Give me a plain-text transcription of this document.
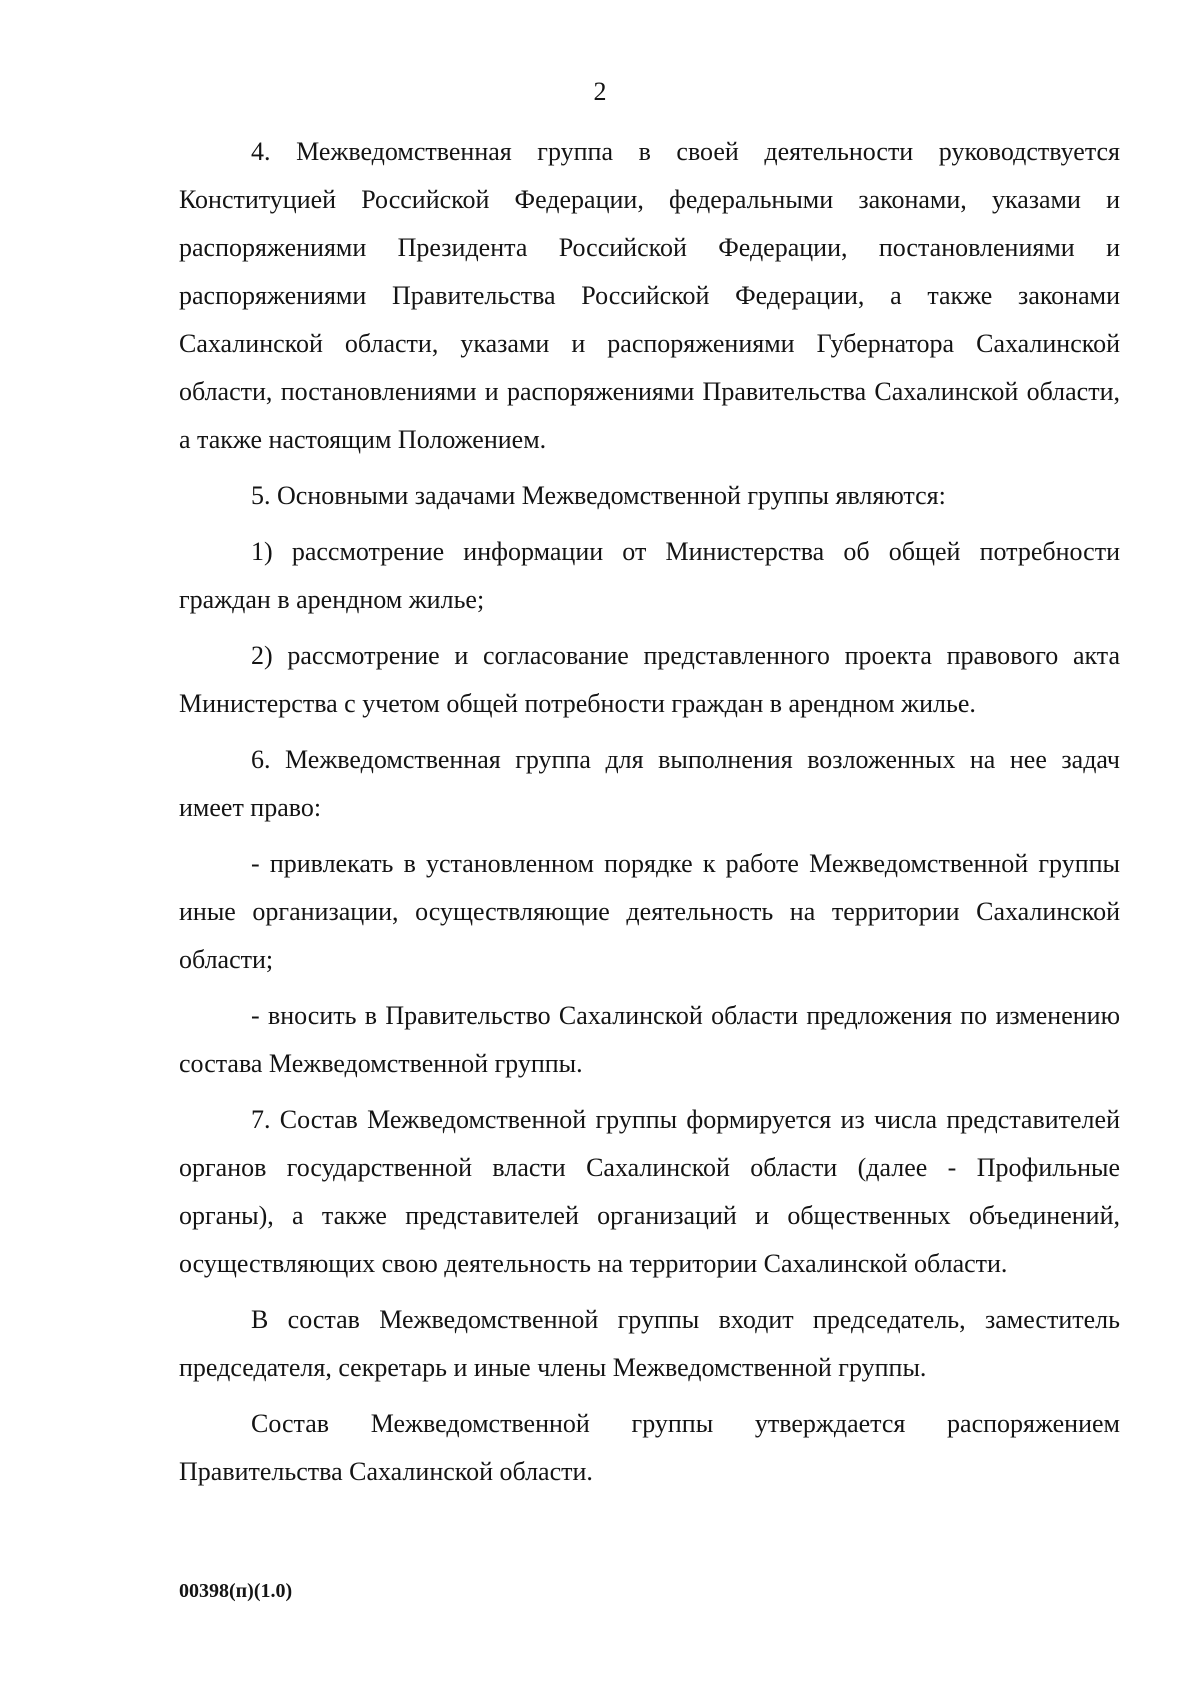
2

4. Межведомственная группа в своей деятельности руководствуется Конституцией Российской Федерации, федеральными законами, указами и распоряжениями Президента Российской Федерации, постановлениями и распоряжениями Правительства Российской Федерации, а также законами Сахалинской области, указами и распоряжениями Губернатора Сахалинской области, постановлениями и распоряжениями Правительства Сахалинской области, а также настоящим Положением.

5. Основными задачами Межведомственной группы являются:

1) рассмотрение информации от Министерства об общей потребности граждан в арендном жилье;

2) рассмотрение и согласование представленного проекта правового акта Министерства с учетом общей потребности граждан в арендном жилье.

6. Межведомственная группа для выполнения возложенных на нее задач имеет право:

- привлекать в установленном порядке к работе Межведомственной группы иные организации, осуществляющие деятельность на территории Сахалинской области;

- вносить в Правительство Сахалинской области предложения по изменению состава Межведомственной группы.

7. Состав Межведомственной группы формируется из числа представителей органов государственной власти Сахалинской области (далее - Профильные органы), а также представителей организаций и общественных объединений, осуществляющих свою деятельность на территории Сахалинской области.

В состав Межведомственной группы входит председатель, заместитель председателя, секретарь и иные члены Межведомственной группы.

Состав Межведомственной группы утверждается распоряжением Правительства Сахалинской области.

00398(п)(1.0)
